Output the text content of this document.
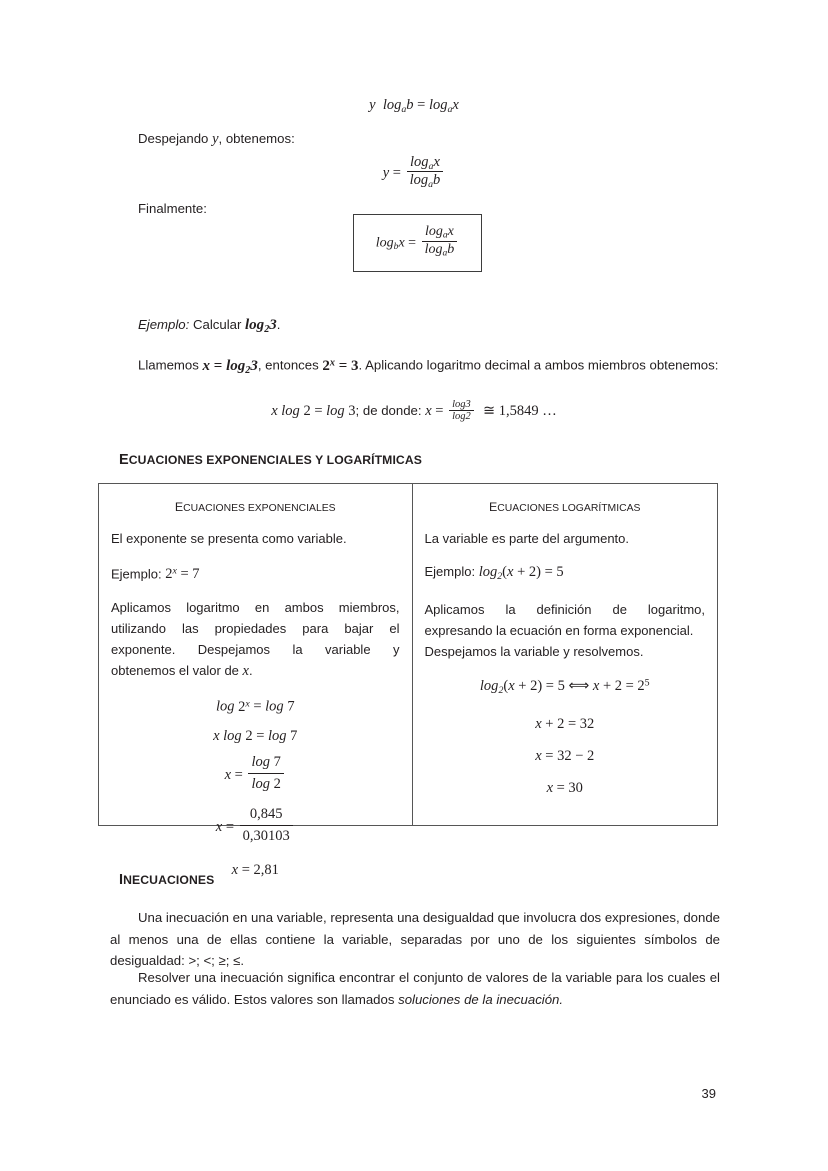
y  $\log_ab = \log_ax$
Despejando y, obtenemos:
$y = \frac{\log_ax}{\log_ab}$
Finalmente:
$\log_bx = \frac{\log_ax}{\log_ab}$
Ejemplo: Calcular $\log_23$.
Llamemos $x = \log_23$, entonces $2^x = 3$. Aplicando logaritmo decimal a ambos miembros obtenemos:
x log 2 = log 3; de donde: $x = \frac{\log 3}{\log 2}$ ≅ 1,5849 …
ECUACIONES EXPONENCIALES Y LOGARÍTMICAS
ECUACIONES EXPONENCIALES

El exponente se presenta como variable.

Ejemplo: $2^x = 7$

Aplicamos logaritmo en ambos miembros, utilizando las propiedades para bajar el exponente. Despejamos la variable y

obtenemos el valor de x.

$\log 2^x = \log 7$
x log 2 = log 7
$x = \frac{\log 7}{\log 2}$
$x = \frac{0,845}{0,30103}$
x = 2,81
ECUACIONES LOGARÍTMICAS

La variable es parte del argumento.

Ejemplo: $\log_2(x + 2) = 5$

Aplicamos la definición de logaritmo,

expresando la ecuación en forma exponencial.

Despejamos la variable y resolvemos.

$\log_2(x + 2) = 5$ ⟺ $x + 2 = 2^5$
x + 2 = 32
x = 32 − 2
x = 30
INECUACIONES
Una inecuación en una variable, representa una desigualdad que involucra dos expresiones, donde al menos una de ellas contiene la variable, separadas por uno de los siguientes símbolos de desigualdad: >; <; ≥; ≤.
Resolver una inecuación significa encontrar el conjunto de valores de la variable para los cuales el enunciado es válido. Estos valores son llamados soluciones de la inecuación.
39
